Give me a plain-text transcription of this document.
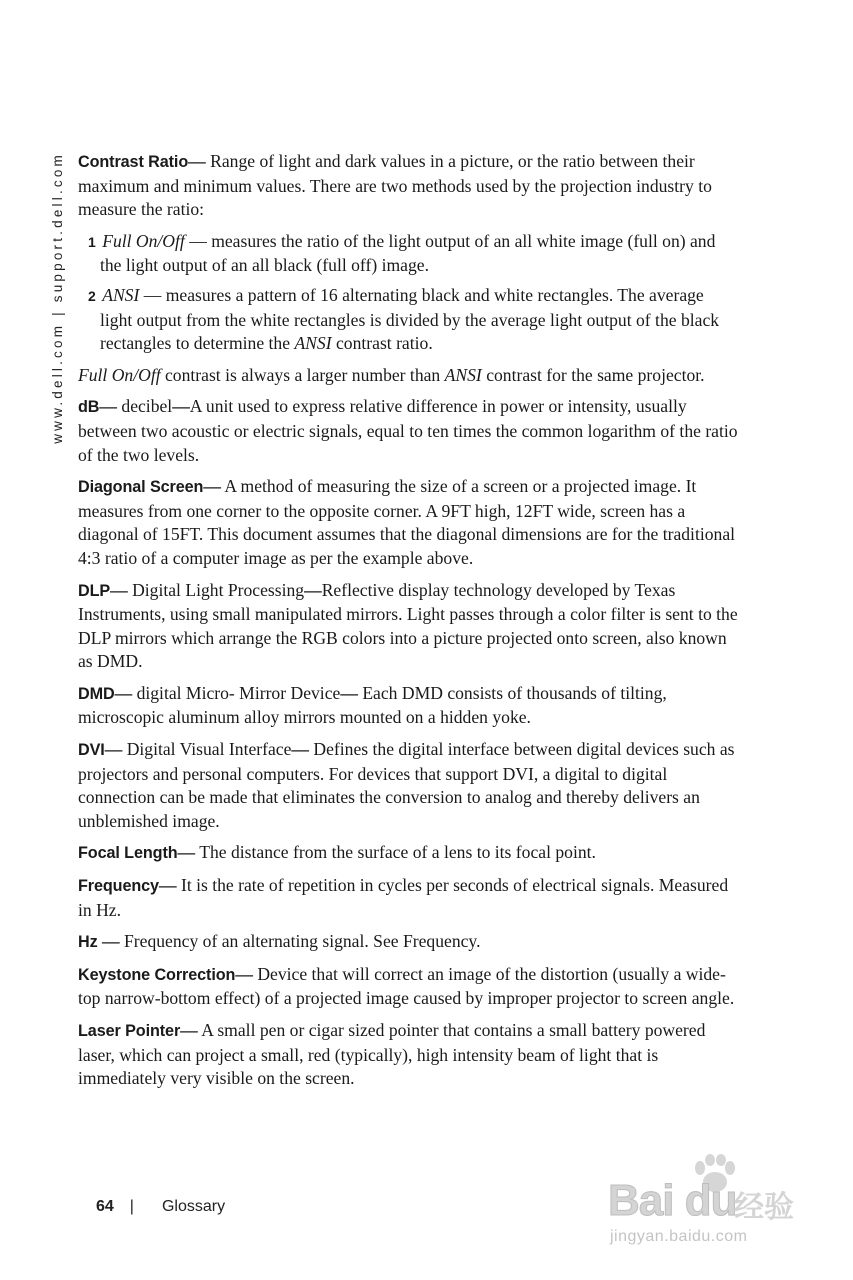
www.dell.com | support.dell.com Contrast Ratio— Range of light and dark values in a picture, or the ratio between their maximum and minimum values. There are two methods used by the projection industry to measure the ratio:

1 Full On/Off — measures the ratio of the light output of an all white image (full on) and the light output of an all black (full off) image.
2 ANSI — measures a pattern of 16 alternating black and white rectangles. The average light output from the white rectangles is divided by the average light output of the black rectangles to determine the ANSI contrast ratio.

Full On/Off contrast is always a larger number than ANSI contrast for the same projector.

dB— decibel—A unit used to express relative difference in power or intensity, usually between two acoustic or electric signals, equal to ten times the common logarithm of the ratio of the two levels.

Diagonal Screen— A method of measuring the size of a screen or a projected image. It measures from one corner to the opposite corner. A 9FT high, 12FT wide, screen has a diagonal of 15FT. This document assumes that the diagonal dimensions are for the traditional 4:3 ratio of a computer image as per the example above.

DLP— Digital Light Processing—Reflective display technology developed by Texas Instruments, using small manipulated mirrors. Light passes through a color filter is sent to the DLP mirrors which arrange the RGB colors into a picture projected onto screen, also known as DMD.

DMD— digital Micro- Mirror Device— Each DMD consists of thousands of tilting, microscopic aluminum alloy mirrors mounted on a hidden yoke.

DVI— Digital Visual Interface— Defines the digital interface between digital devices such as projectors and personal computers. For devices that support DVI, a digital to digital connection can be made that eliminates the conversion to analog and thereby delivers an unblemished image.

Focal Length— The distance from the surface of a lens to its focal point.

Frequency— It is the rate of repetition in cycles per seconds of electrical signals. Measured in Hz.

Hz — Frequency of an alternating signal. See Frequency.

Keystone Correction— Device that will correct an image of the distortion (usually a wide-top narrow-bottom effect) of a projected image caused by improper projector to screen angle.

Laser Pointer— A small pen or cigar sized pointer that contains a small battery powered laser, which can project a small, red (typically), high intensity beam of light that is immediately very visible on the screen.

64 | Glossary	Bai du
经验
jingyan.baidu.com
